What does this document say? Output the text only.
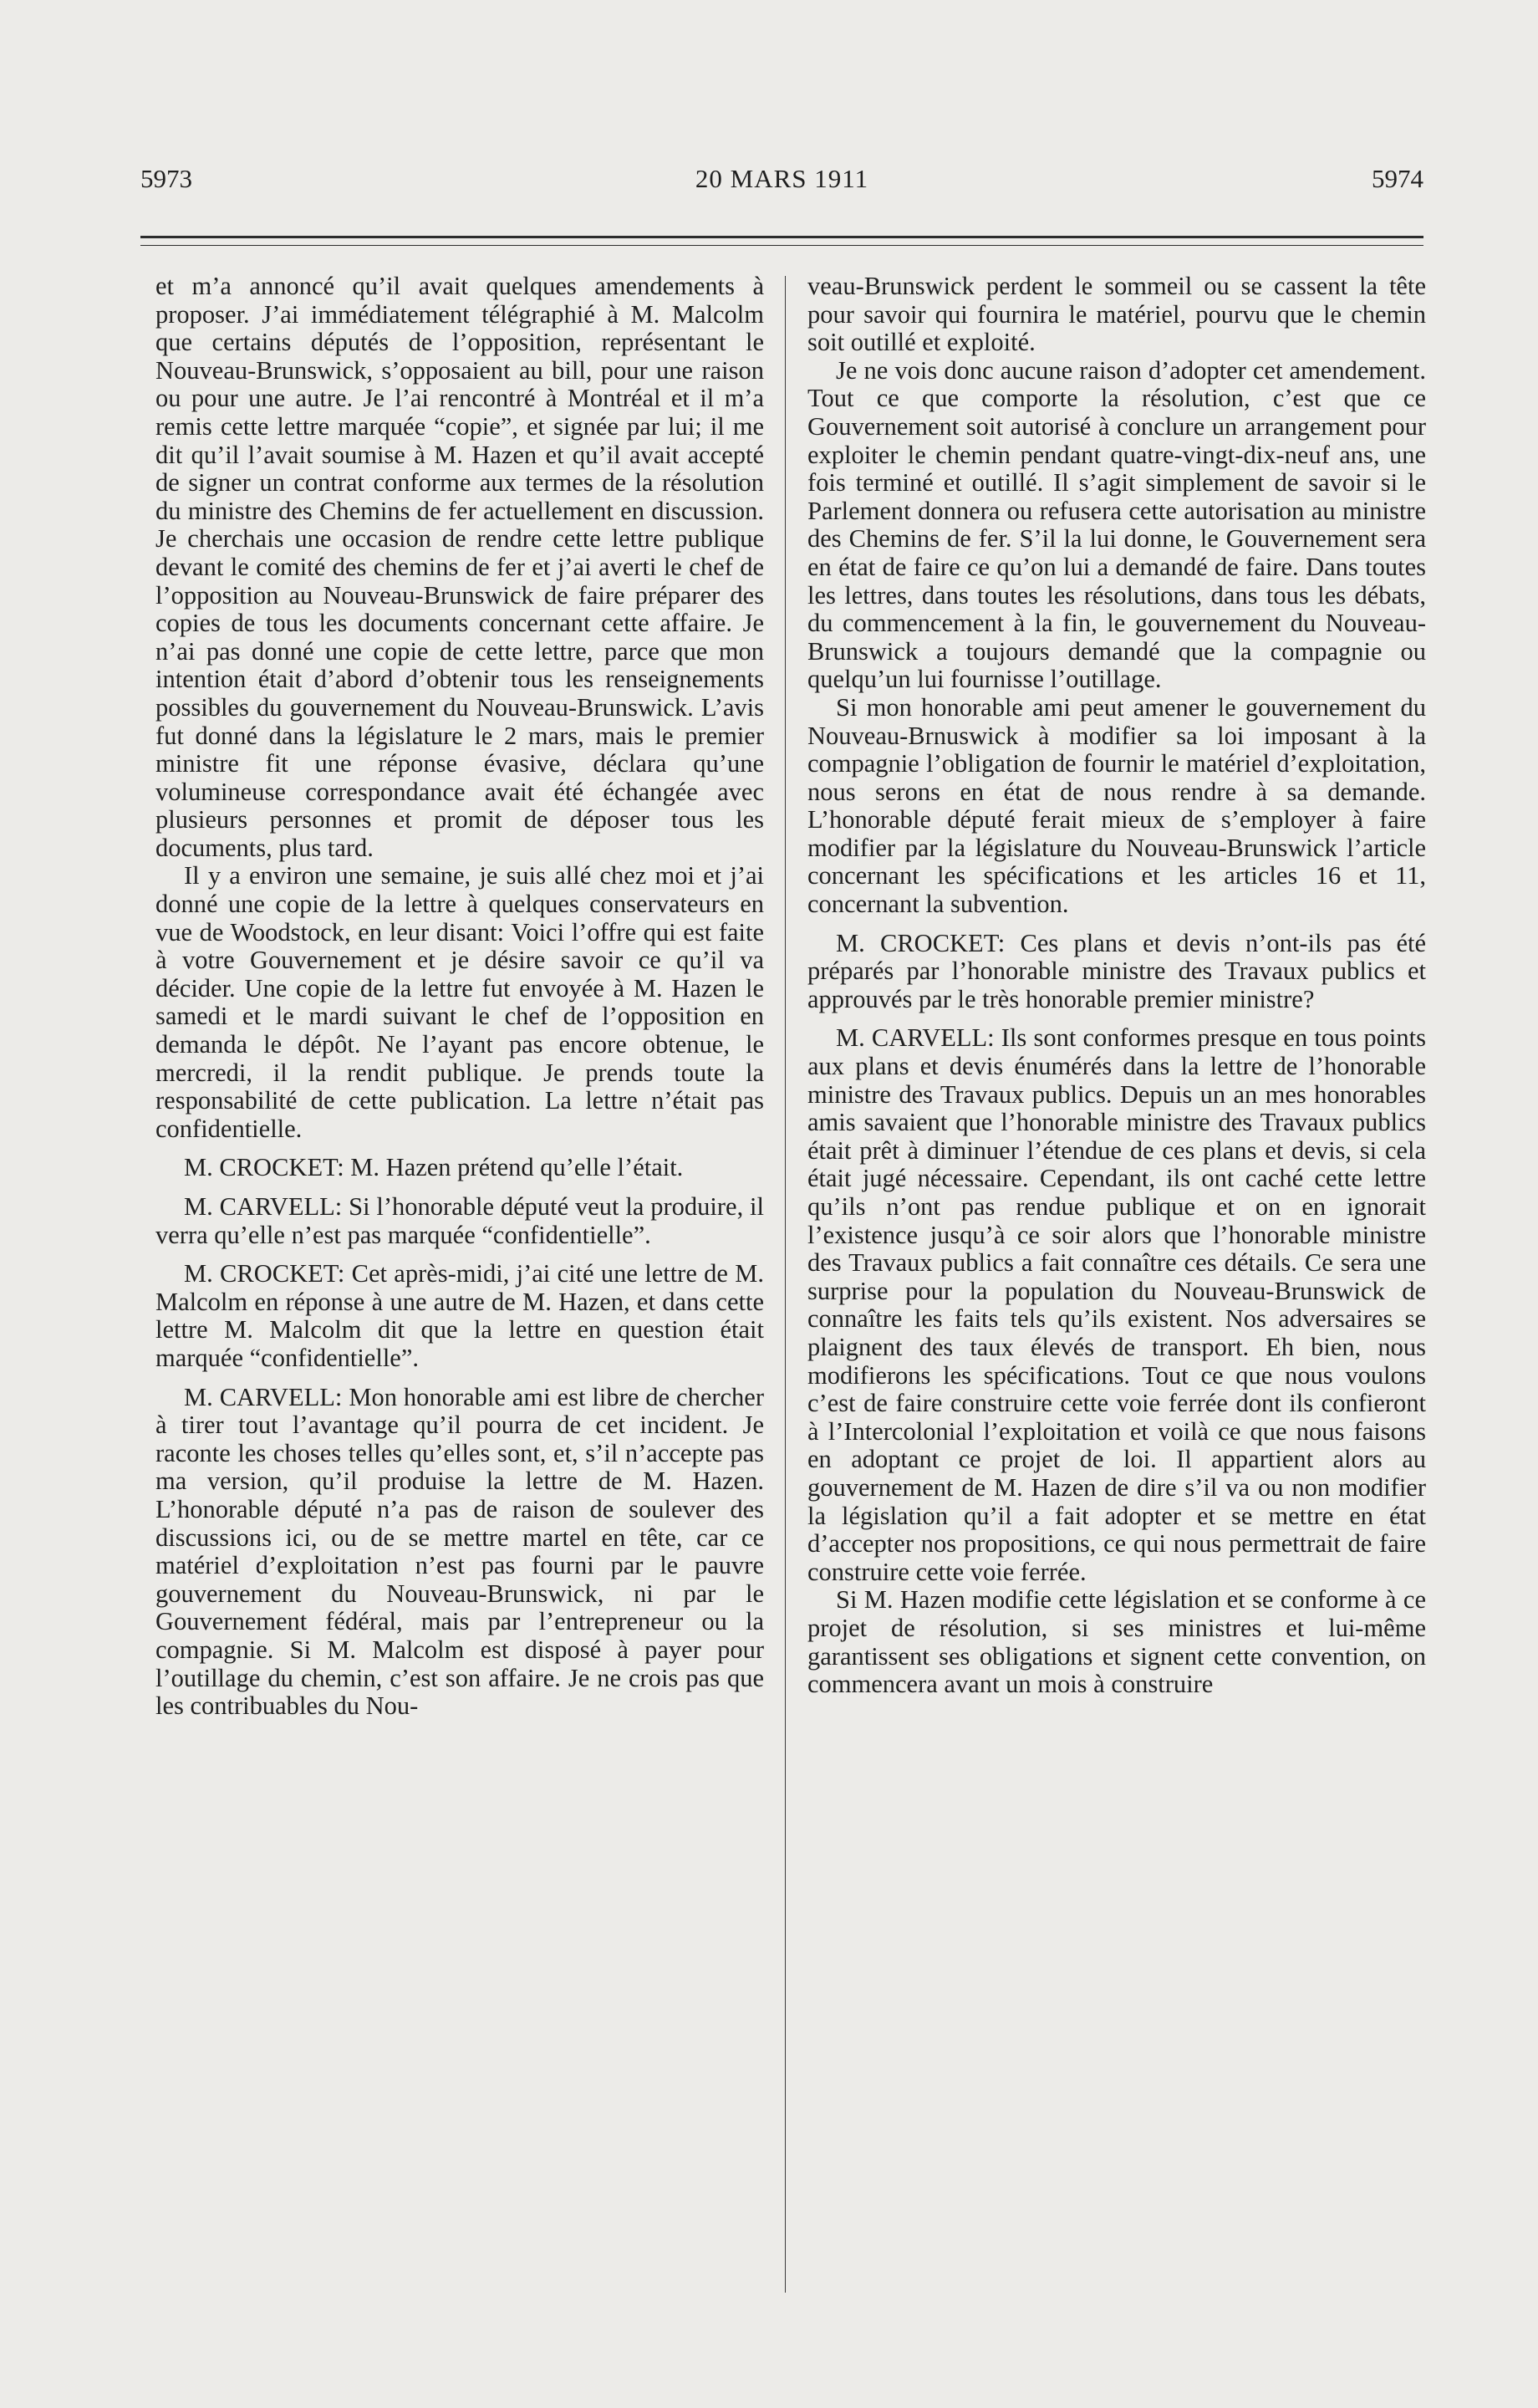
5973	20 MARS 1911	5974

et m’a annoncé qu’il avait quelques amendements à proposer. J’ai immédiatement télégraphié à M. Malcolm que certains députés de l’opposition, représentant le Nouveau-Brunswick, s’opposaient au bill, pour une raison ou pour une autre. Je l’ai rencontré à Montréal et il m’a remis cette lettre marquée “copie”, et signée par lui; il me dit qu’il l’avait soumise à M. Hazen et qu’il avait accepté de signer un contrat conforme aux termes de la résolution du ministre des Chemins de fer actuellement en discussion. Je cherchais une occasion de rendre cette lettre publique devant le comité des chemins de fer et j’ai averti le chef de l’opposition au Nouveau-Brunswick de faire préparer des copies de tous les documents concernant cette affaire. Je n’ai pas donné une copie de cette lettre, parce que mon intention était d’abord d’obtenir tous les renseignements possibles du gouvernement du Nouveau-Brunswick. L’avis fut donné dans la législature le 2 mars, mais le premier ministre fit une réponse évasive, déclara qu’une volumineuse correspondance avait été échangée avec plusieurs personnes et promit de déposer tous les documents, plus tard.

Il y a environ une semaine, je suis allé chez moi et j’ai donné une copie de la lettre à quelques conservateurs en vue de Woodstock, en leur disant: Voici l’offre qui est faite à votre Gouvernement et je désire savoir ce qu’il va décider. Une copie de la lettre fut envoyée à M. Hazen le samedi et le mardi suivant le chef de l’opposition en demanda le dépôt. Ne l’ayant pas encore obtenue, le mercredi, il la rendit publique. Je prends toute la responsabilité de cette publication. La lettre n’était pas confidentielle.

M. CROCKET: M. Hazen prétend qu’elle l’était.

M. CARVELL: Si l’honorable député veut la produire, il verra qu’elle n’est pas marquée “confidentielle”.

M. CROCKET: Cet après-midi, j’ai cité une lettre de M. Malcolm en réponse à une autre de M. Hazen, et dans cette lettre M. Malcolm dit que la lettre en question était marquée “confidentielle”.

M. CARVELL: Mon honorable ami est libre de chercher à tirer tout l’avantage qu’il pourra de cet incident. Je raconte les choses telles qu’elles sont, et, s’il n’accepte pas ma version, qu’il produise la lettre de M. Hazen. L’honorable député n’a pas de raison de soulever des discussions ici, ou de se mettre martel en tête, car ce matériel d’exploitation n’est pas fourni par le pauvre gouvernement du Nouveau-Brunswick, ni par le Gouvernement fédéral, mais par l’entrepreneur ou la compagnie. Si M. Malcolm est disposé à payer pour l’outillage du chemin, c’est son affaire. Je ne crois pas que les contribuables du Nou-

veau-Brunswick perdent le sommeil ou se cassent la tête pour savoir qui fournira le matériel, pourvu que le chemin soit outillé et exploité.

Je ne vois donc aucune raison d’adopter cet amendement. Tout ce que comporte la résolution, c’est que ce Gouvernement soit autorisé à conclure un arrangement pour exploiter le chemin pendant quatre-vingt-dix-neuf ans, une fois terminé et outillé. Il s’agit simplement de savoir si le Parlement donnera ou refusera cette autorisation au ministre des Chemins de fer. S’il la lui donne, le Gouvernement sera en état de faire ce qu’on lui a demandé de faire. Dans toutes les lettres, dans toutes les résolutions, dans tous les débats, du commencement à la fin, le gouvernement du Nouveau-Brunswick a toujours demandé que la compagnie ou quelqu’un lui fournisse l’outillage.

Si mon honorable ami peut amener le gouvernement du Nouveau-Brnuswick à modifier sa loi imposant à la compagnie l’obligation de fournir le matériel d’exploitation, nous serons en état de nous rendre à sa demande. L’honorable député ferait mieux de s’employer à faire modifier par la législature du Nouveau-Brunswick l’article concernant les spécifications et les articles 16 et 11, concernant la subvention.

M. CROCKET: Ces plans et devis n’ont-ils pas été préparés par l’honorable ministre des Travaux publics et approuvés par le très honorable premier ministre?

M. CARVELL: Ils sont conformes presque en tous points aux plans et devis énumérés dans la lettre de l’honorable ministre des Travaux publics. Depuis un an mes honorables amis savaient que l’honorable ministre des Travaux publics était prêt à diminuer l’étendue de ces plans et devis, si cela était jugé nécessaire. Cependant, ils ont caché cette lettre qu’ils n’ont pas rendue publique et on en ignorait l’existence jusqu’à ce soir alors que l’honorable ministre des Travaux publics a fait connaître ces détails. Ce sera une surprise pour la population du Nouveau-Brunswick de connaître les faits tels qu’ils existent. Nos adversaires se plaignent des taux élevés de transport. Eh bien, nous modifierons les spécifications. Tout ce que nous voulons c’est de faire construire cette voie ferrée dont ils confieront à l’Intercolonial l’exploitation et voilà ce que nous faisons en adoptant ce projet de loi. Il appartient alors au gouvernement de M. Hazen de dire s’il va ou non modifier la législation qu’il a fait adopter et se mettre en état d’accepter nos propositions, ce qui nous permettrait de faire construire cette voie ferrée.

Si M. Hazen modifie cette législation et se conforme à ce projet de résolution, si ses ministres et lui-même garantissent ses obligations et signent cette convention, on commencera avant un mois à construire
